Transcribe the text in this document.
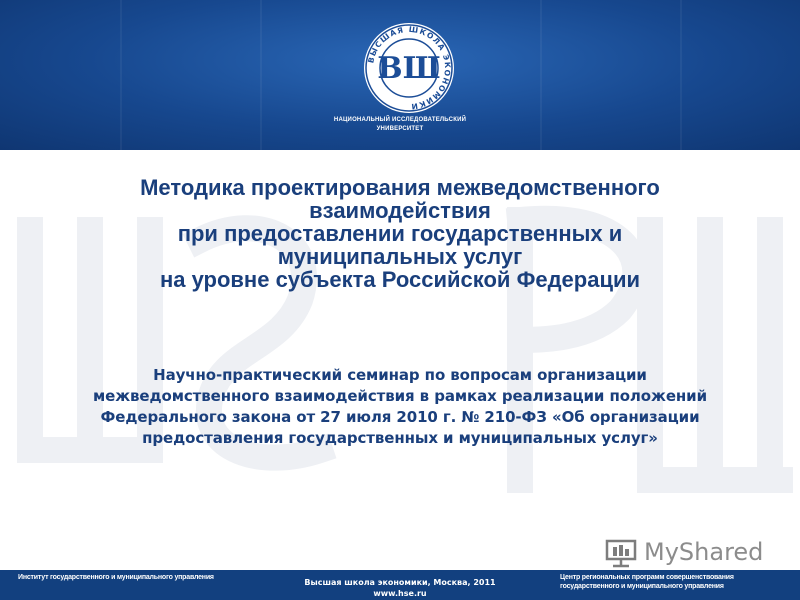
ВЫСШАЯ ШКОЛА ЭКОНОМИКИ
ВШ
НАЦИОНАЛЬНЫЙ ИССЛЕДОВАТЕЛЬСКИЙ
УНИВЕРСИТЕТ
Методика проектирования межведомственного
взаимодействия
при предоставлении государственных и
муниципальных услуг
на уровне субъекта Российской Федерации
Научно-практический семинар по вопросам организации
межведомственного взаимодействия в рамках реализации положений
Федерального закона от 27 июля 2010 г. № 210-ФЗ «Об организации
предоставления государственных и муниципальных услуг»
MyShared
Институт государственного и муниципального управления
Высшая школа экономики, Москва, 2011
www.hse.ru
Центр региональных программ совершенствования
государственного и муниципального управления
